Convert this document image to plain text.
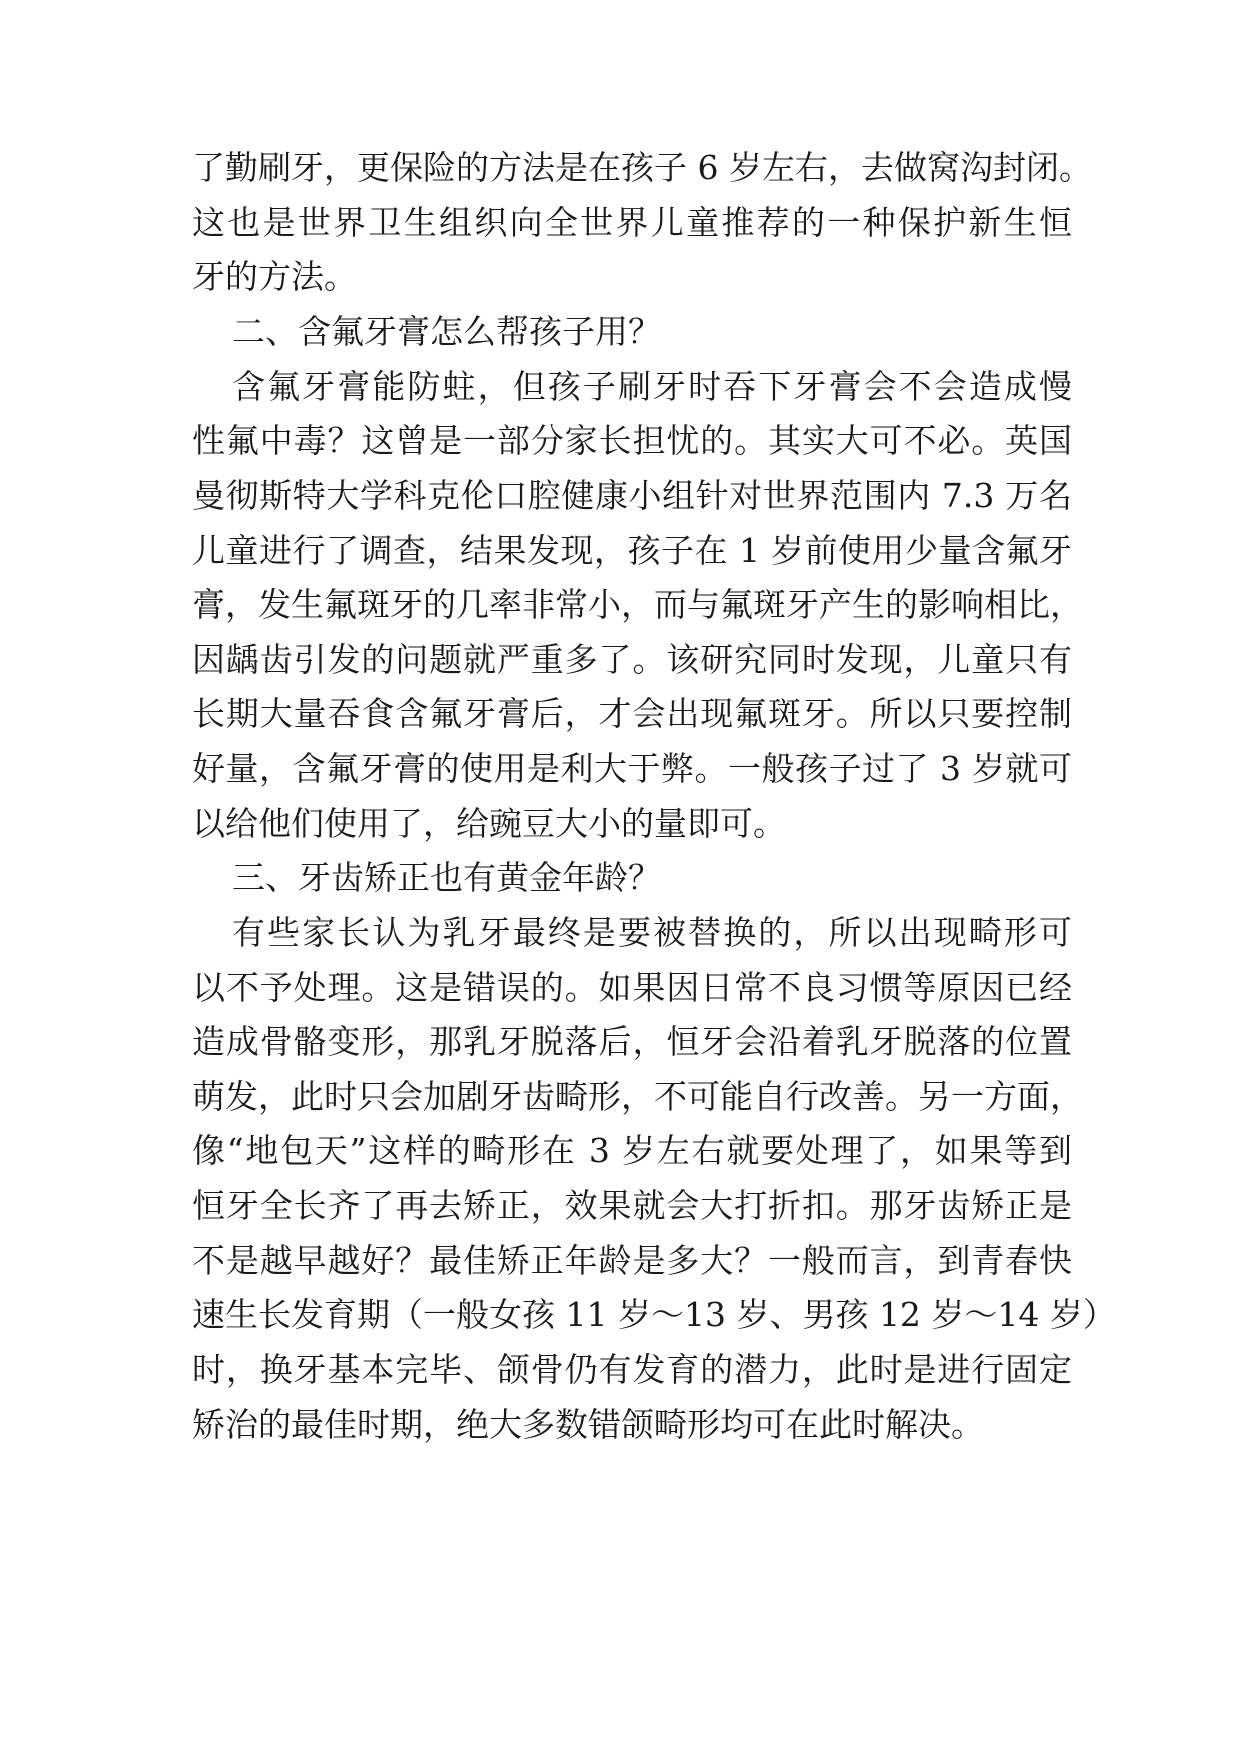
了勤刷牙，更保险的方法是在孩子 6 岁左右，去做窝沟封闭。
这也是世界卫生组织向全世界儿童推荐的一种保护新生恒
牙的方法。
二、含氟牙膏怎么帮孩子用？
含氟牙膏能防蛀，但孩子刷牙时吞下牙膏会不会造成慢
性氟中毒？这曾是一部分家长担忧的。其实大可不必。英国
曼彻斯特大学科克伦口腔健康小组针对世界范围内 7.3 万名
儿童进行了调查，结果发现，孩子在 1 岁前使用少量含氟牙
膏，发生氟斑牙的几率非常小，而与氟斑牙产生的影响相比，
因龋齿引发的问题就严重多了。该研究同时发现，儿童只有
长期大量吞食含氟牙膏后，才会出现氟斑牙。所以只要控制
好量，含氟牙膏的使用是利大于弊。一般孩子过了 3 岁就可
以给他们使用了，给豌豆大小的量即可。
三、牙齿矫正也有黄金年龄？
有些家长认为乳牙最终是要被替换的，所以出现畸形可
以不予处理。这是错误的。如果因日常不良习惯等原因已经
造成骨骼变形，那乳牙脱落后，恒牙会沿着乳牙脱落的位置
萌发，此时只会加剧牙齿畸形，不可能自行改善。另一方面，
像“地包天”这样的畸形在 3 岁左右就要处理了，如果等到
恒牙全长齐了再去矫正，效果就会大打折扣。那牙齿矫正是
不是越早越好？最佳矫正年龄是多大？一般而言，到青春快
速生长发育期（一般女孩 11 岁～13 岁、男孩 12 岁～14 岁）
时，换牙基本完毕、颌骨仍有发育的潜力，此时是进行固定
矫治的最佳时期，绝大多数错颌畸形均可在此时解决。
